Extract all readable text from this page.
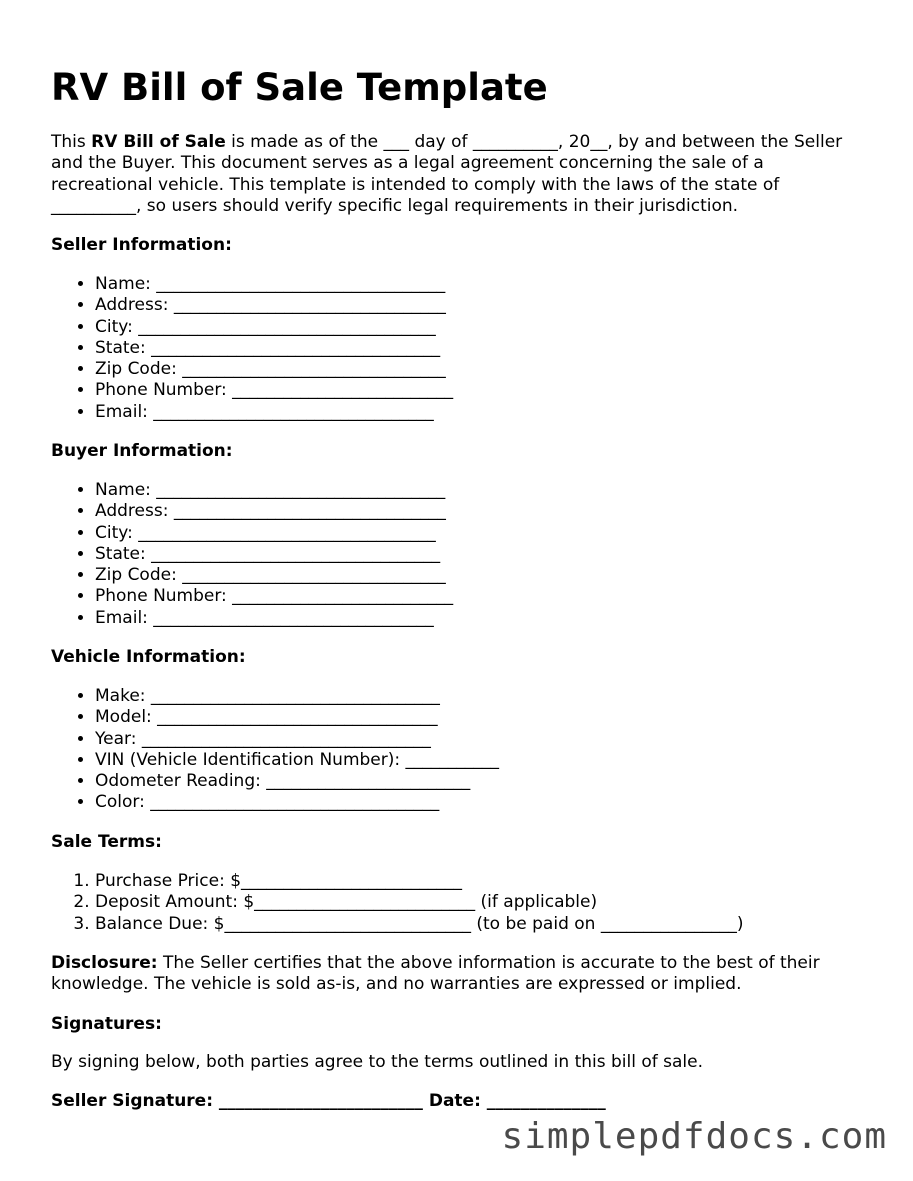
RV Bill of Sale Template

This RV Bill of Sale is made as of the ___ day of __________, 20__, by and between the Seller and the Buyer. This document serves as a legal agreement concerning the sale of a recreational vehicle. This template is intended to comply with the laws of the state of __________, so users should verify specific legal requirements in their jurisdiction.

Seller Information:
• Name: __________________________________
• Address: ________________________________
• City: ___________________________________
• State: __________________________________
• Zip Code: _______________________________
• Phone Number: __________________________
• Email: _________________________________
Buyer Information:
• Name: __________________________________
• Address: ________________________________
• City: ___________________________________
• State: __________________________________
• Zip Code: _______________________________
• Phone Number: __________________________
• Email: _________________________________
Vehicle Information:
• Make: __________________________________
• Model: _________________________________
• Year: __________________________________
• VIN (Vehicle Identification Number): ___________
• Odometer Reading: ________________________
• Color: __________________________________
Sale Terms:
1. Purchase Price: $__________________________
2. Deposit Amount: $__________________________ (if applicable)
3. Balance Due: $_____________________________ (to be paid on ________________)

Disclosure: The Seller certifies that the above information is accurate to the best of their knowledge. The vehicle is sold as-is, and no warranties are expressed or implied.

Signatures:

By signing below, both parties agree to the terms outlined in this bill of sale.

Seller Signature: ________________________ Date: ______________
simplepdfdocs.com
